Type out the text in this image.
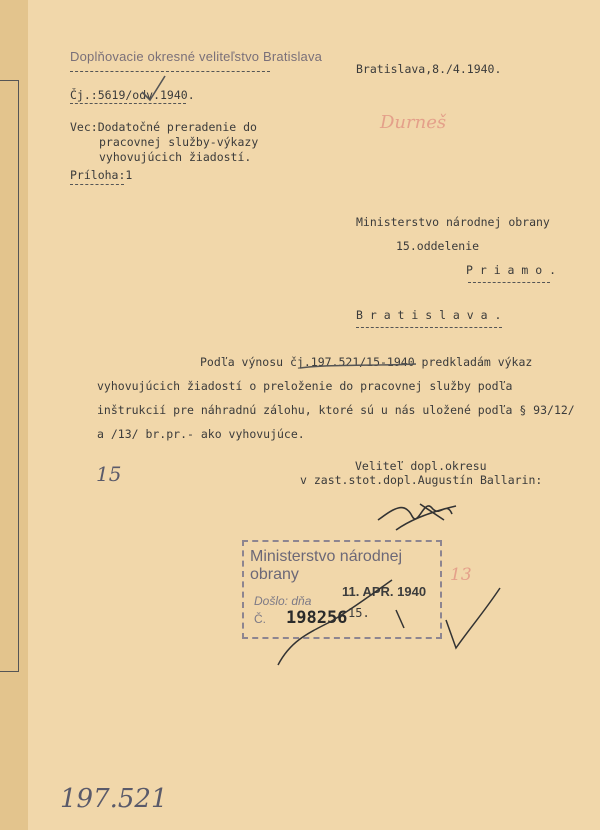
Doplňovacie okresné veliteľstvo Bratislava
Bratislava,8./4.1940.
Čj.:5619/odv.1940.
Vec:Dodatočné preradenie do
pracovnej služby-výkazy
vyhovujúcich žiadostí.
Príloha:1
Durneš
Ministerstvo národnej obrany
15.oddelenie
P r i a m o .
B r a t i s l a v a .
Podľa výnosu čj.197.521/15-1940 predkladám výkaz
vyhovujúcich žiadostí o preloženie do pracovnej služby podľa
inštrukcií pre náhradnú zálohu, ktoré sú u nás uložené podľa § 93/12/
a /13/ br.pr.- ako vyhovujúce.
Veliteľ dopl.okresu
v zast.stot.dopl.Augustín Ballarin:
15
197.521
13
Ministerstvo národnej obrany
11. APR. 1940
Došlo: dňa
Č. 198256 15.
